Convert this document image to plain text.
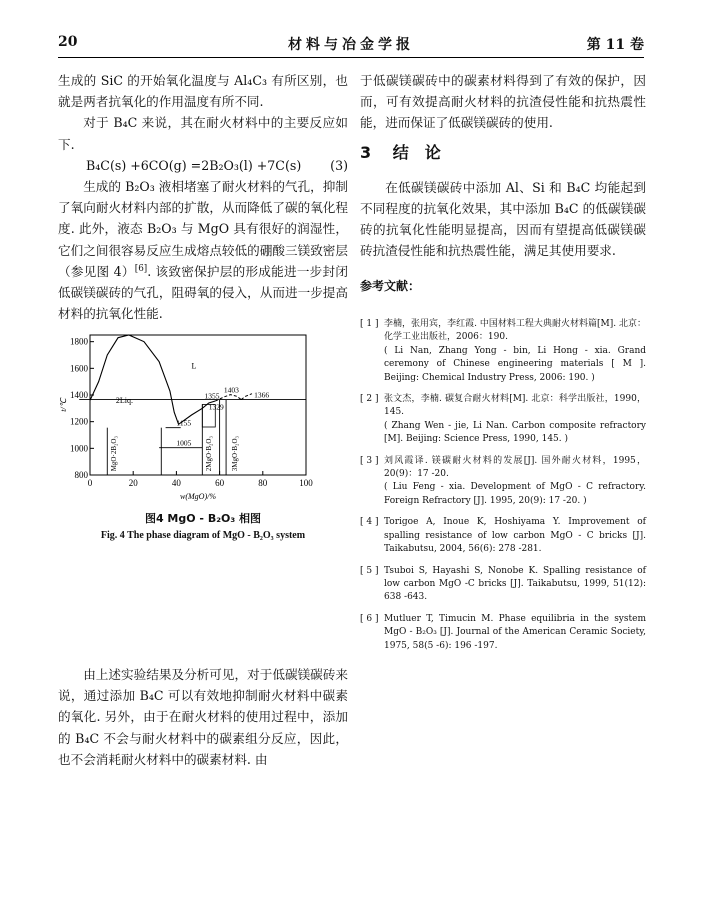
20	材料与冶金学报	第 11 卷

生成的 SiC 的开始氧化温度与 Al₄C₃ 有所区别，也就是两者抗氧化的作用温度有所不同.

对于 B₄C 来说，其在耐火材料中的主要反应如下.

B₄C(s) +6CO(g) =2B₂O₃(l) +7C(s) (3)

生成的 B₂O₃ 液相堵塞了耐火材料的气孔，抑制了氧向耐火材料内部的扩散，从而降低了碳的氧化程度. 此外，液态 B₂O₃ 与 MgO 具有很好的润湿性，它们之间很容易反应生成熔点较低的硼酸三镁致密层（参见图 4）[6]. 该致密保护层的形成能进一步封闭低碳镁碳砖的气孔，阻碍氧的侵入，从而进一步提高材料的抗氧化性能.

0	20	40	60	80	100
800
1000
1200
1400
1600
1800
w(MgO)/%
t/℃	2Liq.
L
MgO·2B₂O₃	2MgO·B₂O₃	3MgO·B₂O₃
1403
1355	1366
1329
1155
1005
图4 MgO - B₂O₃ 相图
Fig. 4 The phase diagram of MgO - B₂O₃ system

由上述实验结果及分析可见，对于低碳镁碳砖来说，通过添加 B₄C 可以有效地抑制耐火材料中碳素的氧化. 另外，由于在耐火材料的使用过程中，添加的 B₄C 不会与耐火材料中的碳素组分反应，因此，也不会消耗耐火材料中的碳素材料. 由

于低碳镁碳砖中的碳素材料得到了有效的保护，因而，可有效提高耐火材料的抗渣侵性能和抗热震性能，进而保证了低碳镁碳砖的使用.

3 结　论

在低碳镁碳砖中添加 Al、Si 和 B₄C 均能起到不同程度的抗氧化效果，其中添加 B₄C 的低碳镁碳砖的抗氧化性能明显提高，因而有望提高低碳镁碳砖抗渣侵性能和抗热震性能，满足其使用要求.

参考文献：
[ 1 ] 李楠，张用宾，李红霞. 中国材料工程大典耐火材料篇[M]. 北京：化学工业出版社，2006：190.
( Li Nan, Zhang Yong - bin, Li Hong - xia. Grand ceremony of Chinese engineering materials [ M ]. Beijing: Chemical Industry Press, 2006: 190. )
[ 2 ] 张文杰，李楠. 碳复合耐火材料[M]. 北京：科学出版社，1990，145.
( Zhang Wen - jie, Li Nan. Carbon composite refractory [M]. Beijing: Science Press, 1990, 145. )
[ 3 ] 刘风霞译. 镁碳耐火材料的发展[J]. 国外耐火材料，1995，20(9)：17 -20.
( Liu Feng - xia. Development of MgO - C refractory. Foreign Refractory [J]. 1995, 20(9): 17 -20. )
[ 4 ] Torigoe A, Inoue K, Hoshiyama Y. Improvement of spalling resistance of low carbon MgO - C bricks [J]. Taikabutsu, 2004, 56(6): 278 -281.
[ 5 ] Tsuboi S, Hayashi S, Nonobe K. Spalling resistance of low carbon MgO -C bricks [J]. Taikabutsu, 1999, 51(12): 638 -643.
[ 6 ] Mutluer T, Timucin M. Phase equilibria in the system MgO - B₂O₃ [J]. Journal of the American Ceramic Society, 1975, 58(5 -6): 196 -197.
